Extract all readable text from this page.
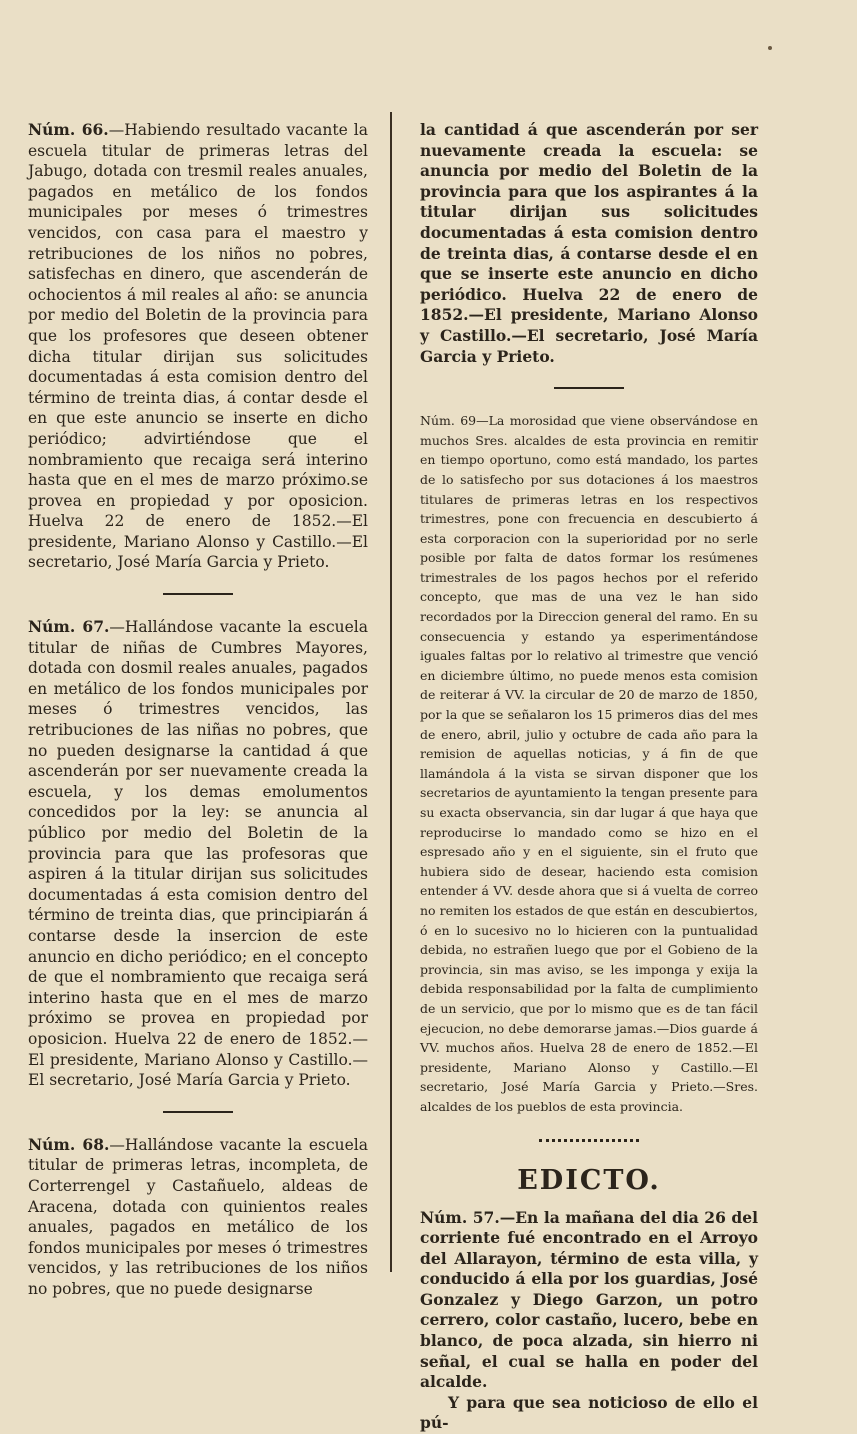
Núm. 66.—Habiendo resultado vacante la escuela titular de primeras letras del Jabugo, dotada con tresmil reales anuales, pagados en metálico de los fondos municipales por meses ó trimestres vencidos, con casa para el maestro y retribuciones de los niños no pobres, satisfechas en dinero, que ascenderán de ochocientos á mil reales al año: se anuncia por medio del Boletin de la provincia para que los profesores que deseen obtener dicha titular dirijan sus solicitudes documentadas á esta comision dentro del término de treinta dias, á contar desde el en que este anuncio se inserte en dicho periódico; advirtiéndose que el nombramiento que recaiga será interino hasta que en el mes de marzo próximo.se provea en propiedad y por oposicion. Huelva 22 de enero de 1852.—El presidente, Mariano Alonso y Castillo.—El secretario, José María Garcia y Prieto.

Núm. 67.—Hallándose vacante la escuela titular de niñas de Cumbres Mayores, dotada con dosmil reales anuales, pagados en metálico de los fondos municipales por meses ó trimestres vencidos, las retribuciones de las niñas no pobres, que no pueden designarse la cantidad á que ascenderán por ser nuevamente creada la escuela, y los demas emolumentos concedidos por la ley: se anuncia al público por medio del Boletin de la provincia para que las profesoras que aspiren á la titular dirijan sus solicitudes documentadas á esta comision dentro del término de treinta dias, que principiarán á contarse desde la insercion de este anuncio en dicho periódico; en el concepto de que el nombramiento que recaiga será interino hasta que en el mes de marzo próximo se provea en propiedad por oposicion. Huelva 22 de enero de 1852.—El presidente, Mariano Alonso y Castillo.—El secretario, José María Garcia y Prieto.

Núm. 68.—Hallándose vacante la escuela titular de primeras letras, incompleta, de Corterrengel y Castañuelo, aldeas de Aracena, dotada con quinientos reales anuales, pagados en metálico de los fondos municipales por meses ó trimestres vencidos, y las retribuciones de los niños no pobres, que no puede designarse

la cantidad á que ascenderán por ser nuevamente creada la escuela: se anuncia por medio del Boletin de la provincia para que los aspirantes á la titular dirijan sus solicitudes documentadas á esta comision dentro de treinta dias, á contarse desde el en que se inserte este anuncio en dicho periódico. Huelva 22 de enero de 1852.—El presidente, Mariano Alonso y Castillo.—El secretario, José María Garcia y Prieto.

Núm. 69—La morosidad que viene observándose en muchos Sres. alcaldes de esta provincia en remitir en tiempo oportuno, como está mandado, los partes de lo satisfecho por sus dotaciones á los maestros titulares de primeras letras en los respectivos trimestres, pone con frecuencia en descubierto á esta corporacion con la superioridad por no serle posible por falta de datos formar los resúmenes trimestrales de los pagos hechos por el referido concepto, que mas de una vez le han sido recordados por la Direccion general del ramo. En su consecuencia y estando ya esperimentándose iguales faltas por lo relativo al trimestre que venció en diciembre último, no puede menos esta comision de reiterar á VV. la circular de 20 de marzo de 1850, por la que se señalaron los 15 primeros dias del mes de enero, abril, julio y octubre de cada año para la remision de aquellas noticias, y á fin de que llamándola á la vista se sirvan disponer que los secretarios de ayuntamiento la tengan presente para su exacta observancia, sin dar lugar á que haya que reproducirse lo mandado como se hizo en el espresado año y en el siguiente, sin el fruto que hubiera sido de desear, haciendo esta comision entender á VV. desde ahora que si á vuelta de correo no remiten los estados de que están en descubiertos, ó en lo sucesivo no lo hicieren con la puntualidad debida, no estrañen luego que por el Gobieno de la provincia, sin mas aviso, se les imponga y exija la debida responsabilidad por la falta de cumplimiento de un servicio, que por lo mismo que es de tan fácil ejecucion, no debe demorarse jamas.—Dios guarde á VV. muchos años. Huelva 28 de enero de 1852.—El presidente, Mariano Alonso y Castillo.—El secretario, José María Garcia y Prieto.—Sres. alcaldes de los pueblos de esta provincia.

EDICTO.

Núm. 57.—En la mañana del dia 26 del corriente fué encontrado en el Arroyo del Allarayon, término de esta villa, y conducido á ella por los guardias, José Gonzalez y Diego Garzon, un potro cerrero, color castaño, lucero, bebe en blanco, de poca alzada, sin hierro ni señal, el cual se halla en poder del alcalde.

Y para que sea noticioso de ello el pú-
